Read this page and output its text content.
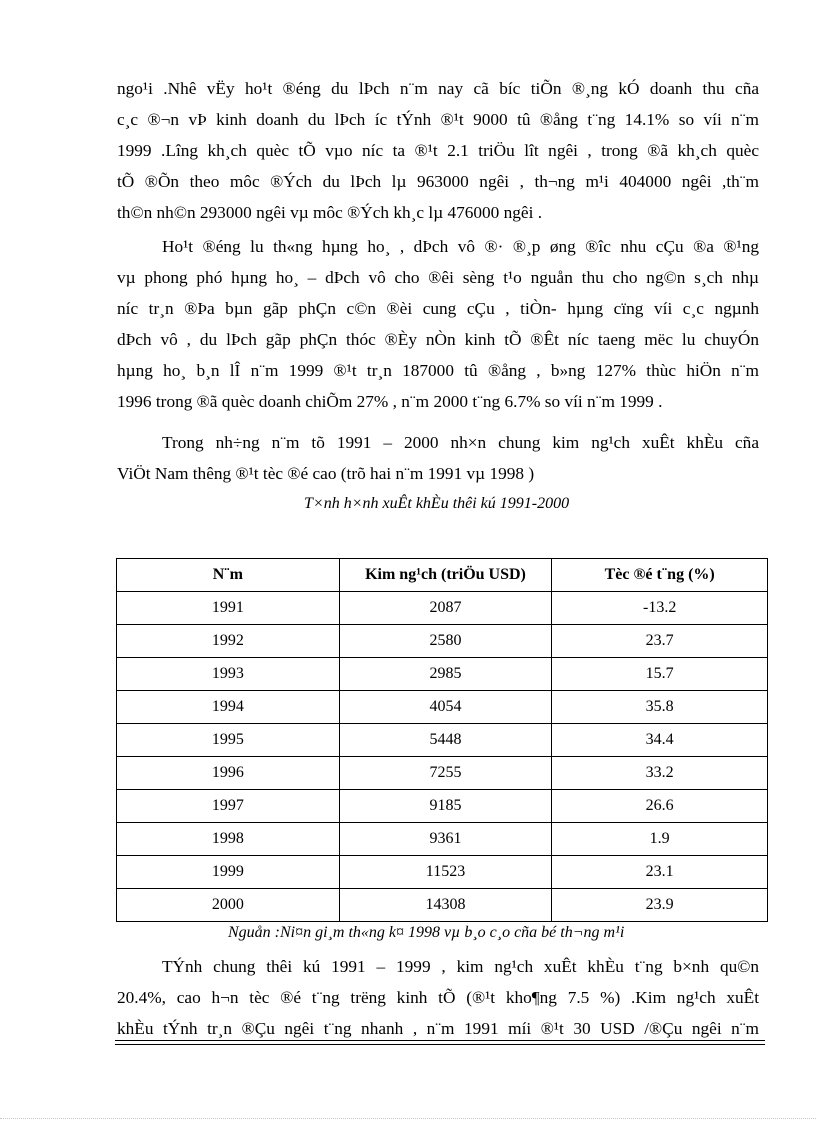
ngo¹i .Nhê vËy ho¹t ®éng du lÞch n¨m nay cã bíc tiÕn ®¸ng kÓ doanh thu cña
c¸c ®¬n vÞ kinh doanh du lÞch íc tÝnh ®¹t 9000 tû ®ång t¨ng 14.1% so víi n¨m
1999 .Lîng kh¸ch quèc tÕ vµo níc ta ®¹t 2.1 triÖu lît ngêi , trong ®ã kh¸ch quèc
tÕ ®Õn theo môc ®Ých du lÞch lµ 963000 ngêi , th¬ng m¹i 404000 ngêi ,th¨m
th©n nh©n 293000 ngêi vµ môc ®Ých kh¸c lµ 476000 ngêi .
Ho¹t ®éng lu th«ng hµng ho¸ , dÞch vô ®· ®¸p øng ®îc nhu cÇu ®a ®¹ng
vµ phong phó hµng ho¸ – dÞch vô cho ®êi sèng t¹o nguån thu cho ng©n s¸ch nhµ
níc tr¸n ®Þa bµn gãp phÇn c©n ®èi cung cÇu , tiÒn- hµng cïng víi c¸c ngµnh
dÞch vô , du lÞch gãp phÇn thóc ®Èy nÒn kinh tÕ ®Êt níc taeng mëc lu chuyÓn
hµng ho¸ b¸n lÎ n¨m 1999 ®¹t tr¸n 187000 tû ®ång , b»ng 127% thùc hiÖn n¨m
1996 trong ®ã quèc doanh chiÕm 27% , n¨m 2000 t¨ng 6.7% so víi n¨m 1999 .
Trong nh÷ng n¨m tõ 1991 – 2000 nh×n chung kim ng¹ch xuÊt khÈu cña
ViÖt Nam thêng ®¹t tèc ®é cao (trõ hai n¨m 1991 vµ 1998 )
T×nh h×nh xuÊt khÈu thêi kú 1991-2000
N¨m	Kim ng¹ch (triÖu USD)	Tèc ®é t¨ng (%)
1991	2087	-13.2
1992	2580	23.7
1993	2985	15.7
1994	4054	35.8
1995	5448	34.4
1996	7255	33.2
1997	9185	26.6
1998	9361	1.9
1999	11523	23.1
2000	14308	23.9
Nguån :Ni¤n gi¸m th«ng k¤ 1998 vµ b¸o c¸o cña bé th¬ng m¹i
TÝnh chung thêi kú 1991 – 1999 , kim ng¹ch xuÊt khÈu t¨ng b×nh qu©n
20.4%, cao h¬n tèc ®é t¨ng trëng kinh tÕ (®¹t kho¶ng 7.5 %) .Kim ng¹ch xuÊt
khÈu tÝnh tr¸n ®Çu ngêi t¨ng nhanh , n¨m 1991 míi ®¹t 30 USD /®Çu ngêi n¨m
